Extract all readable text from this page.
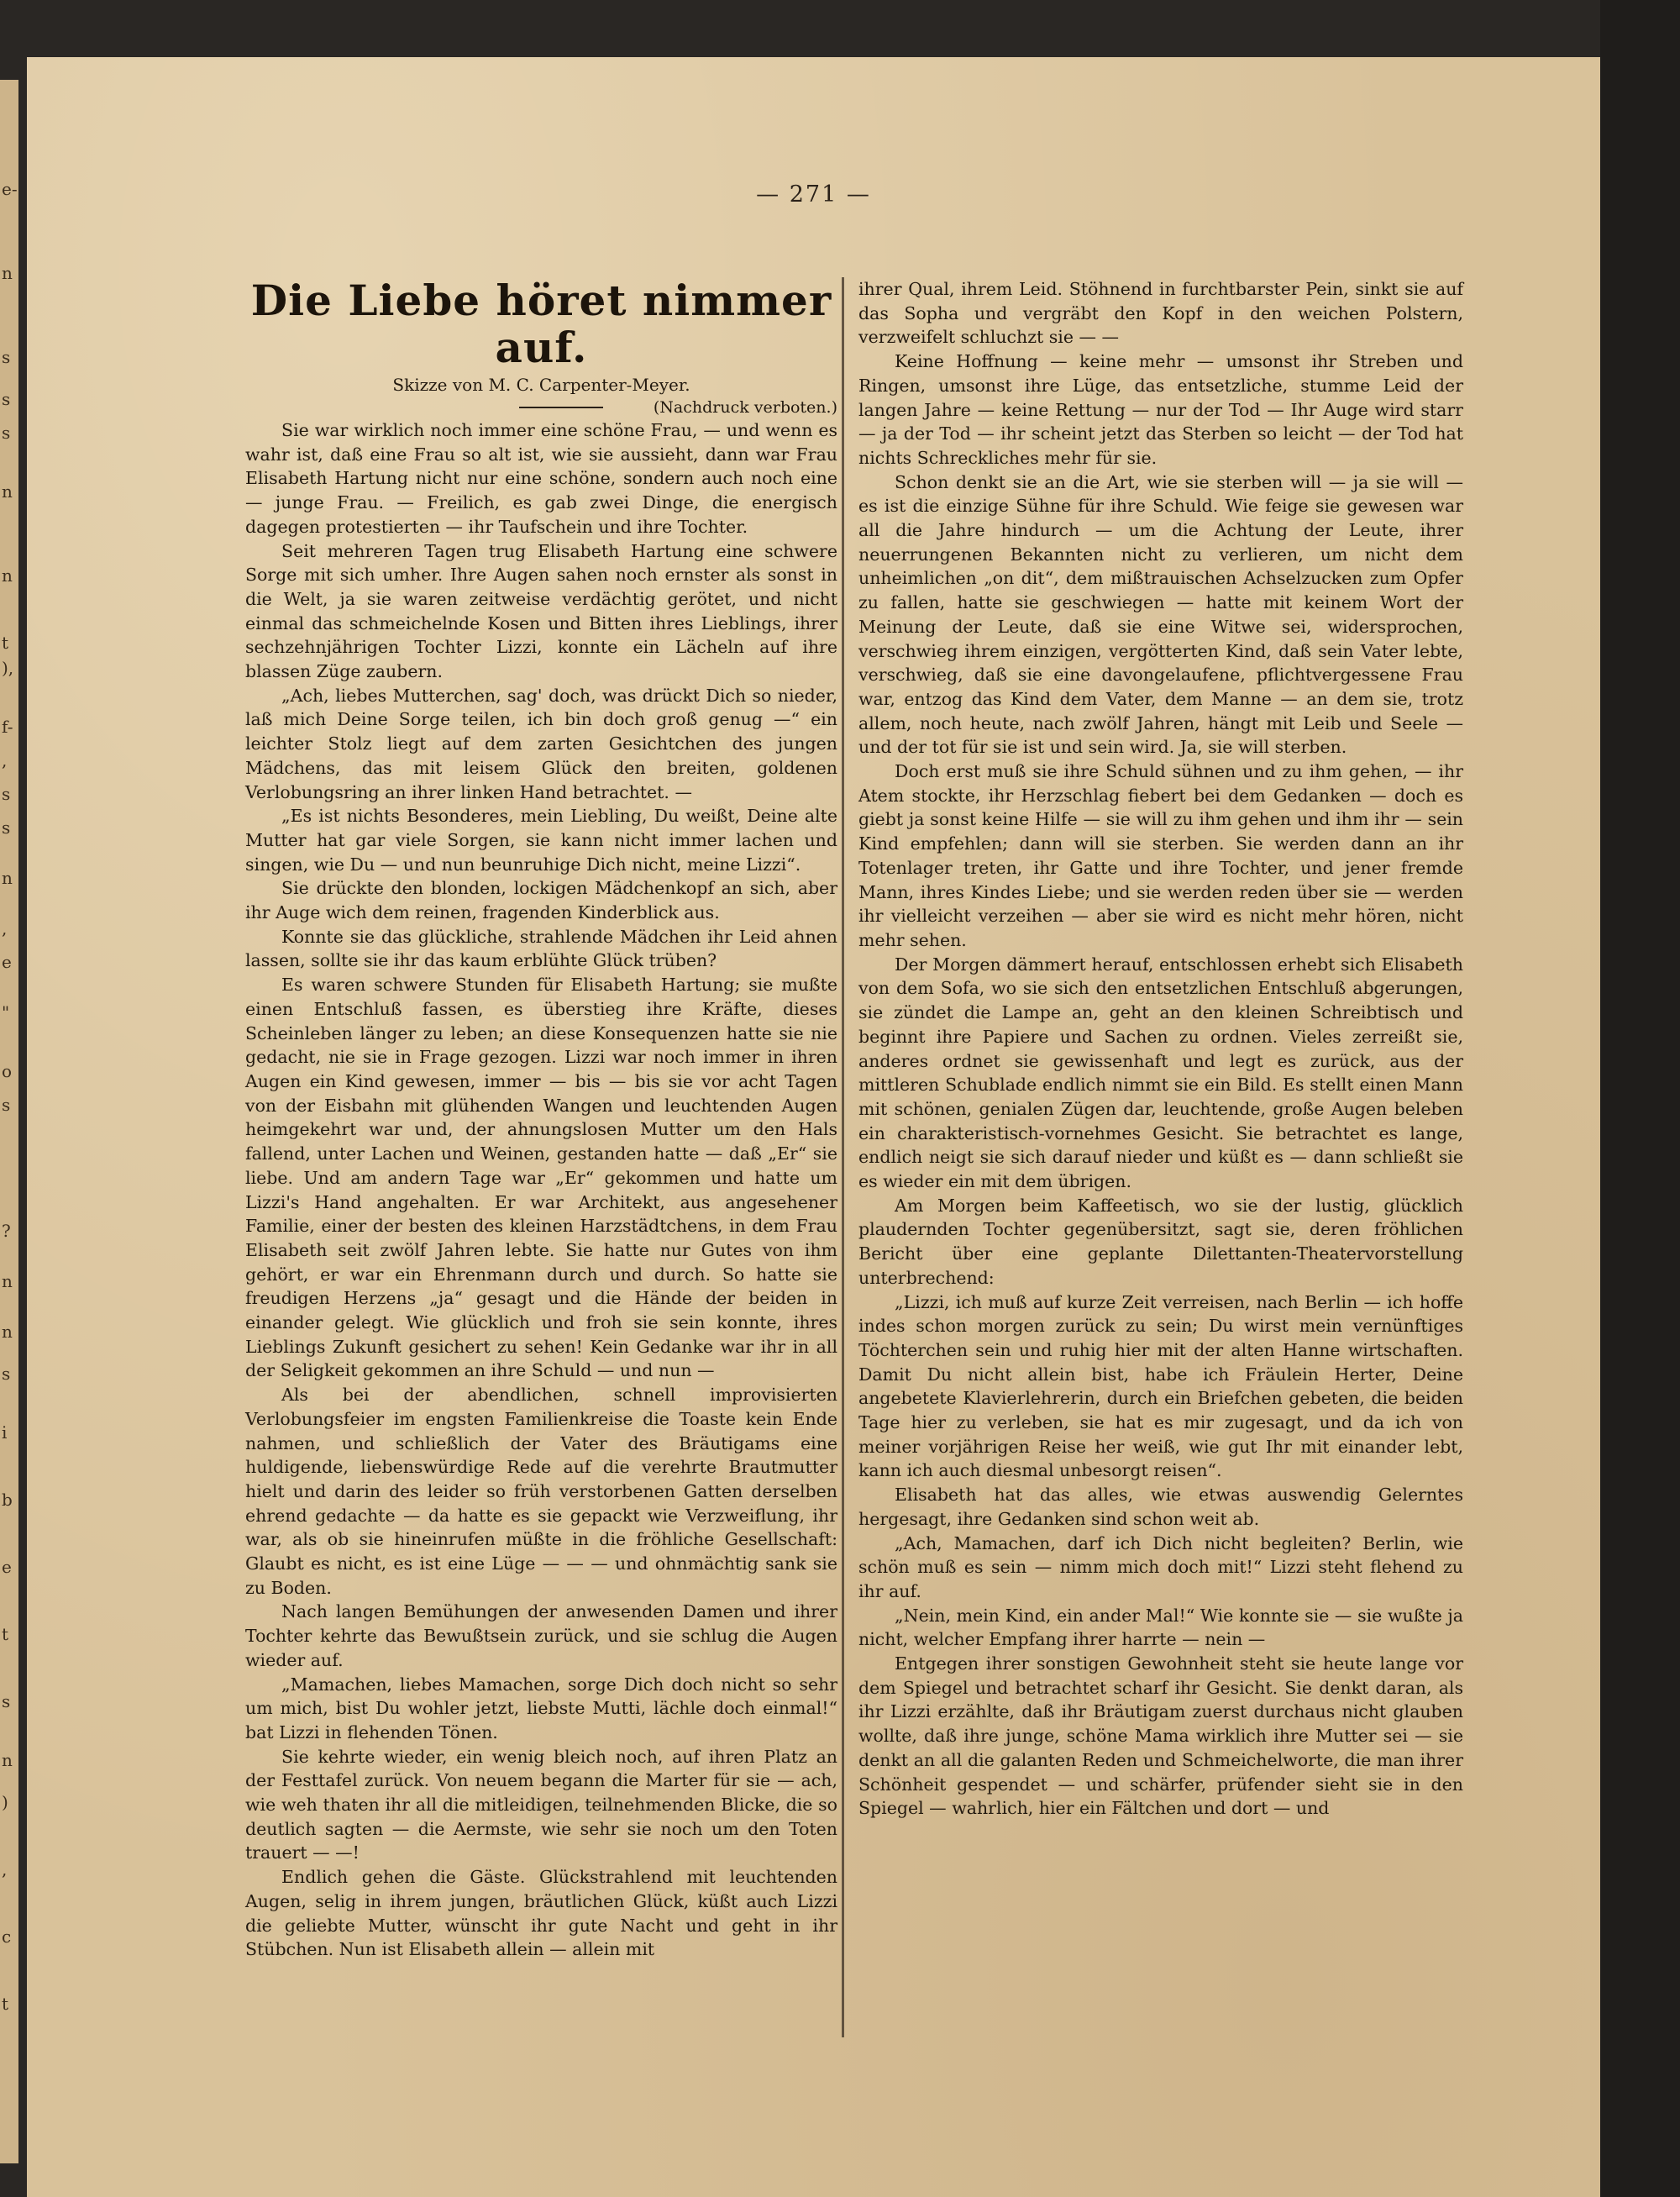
e-
n
s
s
s
n
n
t
),
f-
,
s
s
n
,
e
"
o
s
?
n
n
s
i
b
e
t
s
n
)
,
c
t
— 271 —
Die Liebe höret nimmer auf.

Skizze von M. C. Carpenter-Meyer.

(Nachdruck verboten.)

Sie war wirklich noch immer eine schöne Frau, — und wenn es wahr ist, daß eine Frau so alt ist, wie sie aussieht, dann war Frau Elisabeth Hartung nicht nur eine schöne, sondern auch noch eine — junge Frau. — Freilich, es gab zwei Dinge, die energisch dagegen protestierten — ihr Taufschein und ihre Tochter.

Seit mehreren Tagen trug Elisabeth Hartung eine schwere Sorge mit sich umher. Ihre Augen sahen noch ernster als sonst in die Welt, ja sie waren zeitweise verdächtig gerötet, und nicht einmal das schmeichelnde Kosen und Bitten ihres Lieblings, ihrer sechzehnjährigen Tochter Lizzi, konnte ein Lächeln auf ihre blassen Züge zaubern.

„Ach, liebes Mutterchen, sag' doch, was drückt Dich so nieder, laß mich Deine Sorge teilen, ich bin doch groß genug —“ ein leichter Stolz liegt auf dem zarten Gesichtchen des jungen Mädchens, das mit leisem Glück den breiten, goldenen Verlobungsring an ihrer linken Hand betrachtet. —

„Es ist nichts Besonderes, mein Liebling, Du weißt, Deine alte Mutter hat gar viele Sorgen, sie kann nicht immer lachen und singen, wie Du — und nun beunruhige Dich nicht, meine Lizzi“.

Sie drückte den blonden, lockigen Mädchenkopf an sich, aber ihr Auge wich dem reinen, fragenden Kinderblick aus.

Konnte sie das glückliche, strahlende Mädchen ihr Leid ahnen lassen, sollte sie ihr das kaum erblühte Glück trüben?

Es waren schwere Stunden für Elisabeth Hartung; sie mußte einen Entschluß fassen, es überstieg ihre Kräfte, dieses Scheinleben länger zu leben; an diese Konsequenzen hatte sie nie gedacht, nie sie in Frage gezogen. Lizzi war noch immer in ihren Augen ein Kind gewesen, immer — bis — bis sie vor acht Tagen von der Eisbahn mit glühenden Wangen und leuchtenden Augen heimgekehrt war und, der ahnungslosen Mutter um den Hals fallend, unter Lachen und Weinen, gestanden hatte — daß „Er“ sie liebe. Und am andern Tage war „Er“ gekommen und hatte um Lizzi's Hand angehalten. Er war Architekt, aus angesehener Familie, einer der besten des kleinen Harzstädtchens, in dem Frau Elisabeth seit zwölf Jahren lebte. Sie hatte nur Gutes von ihm gehört, er war ein Ehrenmann durch und durch. So hatte sie freudigen Herzens „ja“ gesagt und die Hände der beiden in einander gelegt. Wie glücklich und froh sie sein konnte, ihres Lieblings Zukunft gesichert zu sehen! Kein Gedanke war ihr in all der Seligkeit gekommen an ihre Schuld — und nun —

Als bei der abendlichen, schnell improvisierten Verlobungsfeier im engsten Familienkreise die Toaste kein Ende nahmen, und schließlich der Vater des Bräutigams eine huldigende, liebenswürdige Rede auf die verehrte Brautmutter hielt und darin des leider so früh verstorbenen Gatten derselben ehrend gedachte — da hatte es sie gepackt wie Verzweiflung, ihr war, als ob sie hineinrufen müßte in die fröhliche Gesellschaft: Glaubt es nicht, es ist eine Lüge — — — und ohnmächtig sank sie zu Boden.

Nach langen Bemühungen der anwesenden Damen und ihrer Tochter kehrte das Bewußtsein zurück, und sie schlug die Augen wieder auf.

„Mamachen, liebes Mamachen, sorge Dich doch nicht so sehr um mich, bist Du wohler jetzt, liebste Mutti, lächle doch einmal!“ bat Lizzi in flehenden Tönen.

Sie kehrte wieder, ein wenig bleich noch, auf ihren Platz an der Festtafel zurück. Von neuem begann die Marter für sie — ach, wie weh thaten ihr all die mitleidigen, teilnehmenden Blicke, die so deutlich sagten — die Aermste, wie sehr sie noch um den Toten trauert — —!

Endlich gehen die Gäste. Glückstrahlend mit leuchtenden Augen, selig in ihrem jungen, bräutlichen Glück, küßt auch Lizzi die geliebte Mutter, wünscht ihr gute Nacht und geht in ihr Stübchen. Nun ist Elisabeth allein — allein mit

ihrer Qual, ihrem Leid. Stöhnend in furchtbarster Pein, sinkt sie auf das Sopha und vergräbt den Kopf in den weichen Polstern, verzweifelt schluchzt sie — —

Keine Hoffnung — keine mehr — umsonst ihr Streben und Ringen, umsonst ihre Lüge, das entsetzliche, stumme Leid der langen Jahre — keine Rettung — nur der Tod — Ihr Auge wird starr — ja der Tod — ihr scheint jetzt das Sterben so leicht — der Tod hat nichts Schreckliches mehr für sie.

Schon denkt sie an die Art, wie sie sterben will — ja sie will — es ist die einzige Sühne für ihre Schuld. Wie feige sie gewesen war all die Jahre hindurch — um die Achtung der Leute, ihrer neuerrungenen Bekannten nicht zu verlieren, um nicht dem unheimlichen „on dit“, dem mißtrauischen Achselzucken zum Opfer zu fallen, hatte sie geschwiegen — hatte mit keinem Wort der Meinung der Leute, daß sie eine Witwe sei, widersprochen, verschwieg ihrem einzigen, vergötterten Kind, daß sein Vater lebte, verschwieg, daß sie eine davongelaufene, pflichtvergessene Frau war, entzog das Kind dem Vater, dem Manne — an dem sie, trotz allem, noch heute, nach zwölf Jahren, hängt mit Leib und Seele — und der tot für sie ist und sein wird. Ja, sie will sterben.

Doch erst muß sie ihre Schuld sühnen und zu ihm gehen, — ihr Atem stockte, ihr Herzschlag fiebert bei dem Gedanken — doch es giebt ja sonst keine Hilfe — sie will zu ihm gehen und ihm ihr — sein Kind empfehlen; dann will sie sterben. Sie werden dann an ihr Totenlager treten, ihr Gatte und ihre Tochter, und jener fremde Mann, ihres Kindes Liebe; und sie werden reden über sie — werden ihr vielleicht verzeihen — aber sie wird es nicht mehr hören, nicht mehr sehen.

Der Morgen dämmert herauf, entschlossen erhebt sich Elisabeth von dem Sofa, wo sie sich den entsetzlichen Entschluß abgerungen, sie zündet die Lampe an, geht an den kleinen Schreibtisch und beginnt ihre Papiere und Sachen zu ordnen. Vieles zerreißt sie, anderes ordnet sie gewissenhaft und legt es zurück, aus der mittleren Schublade endlich nimmt sie ein Bild. Es stellt einen Mann mit schönen, genialen Zügen dar, leuchtende, große Augen beleben ein charakteristisch-vornehmes Gesicht. Sie betrachtet es lange, endlich neigt sie sich darauf nieder und küßt es — dann schließt sie es wieder ein mit dem übrigen.

Am Morgen beim Kaffeetisch, wo sie der lustig, glücklich plaudernden Tochter gegenübersitzt, sagt sie, deren fröhlichen Bericht über eine geplante Dilettanten-Theatervorstellung unterbrechend:

„Lizzi, ich muß auf kurze Zeit verreisen, nach Berlin — ich hoffe indes schon morgen zurück zu sein; Du wirst mein vernünftiges Töchterchen sein und ruhig hier mit der alten Hanne wirtschaften. Damit Du nicht allein bist, habe ich Fräulein Herter, Deine angebetete Klavierlehrerin, durch ein Briefchen gebeten, die beiden Tage hier zu verleben, sie hat es mir zugesagt, und da ich von meiner vorjährigen Reise her weiß, wie gut Ihr mit einander lebt, kann ich auch diesmal unbesorgt reisen“.

Elisabeth hat das alles, wie etwas auswendig Gelerntes hergesagt, ihre Gedanken sind schon weit ab.

„Ach, Mamachen, darf ich Dich nicht begleiten? Berlin, wie schön muß es sein — nimm mich doch mit!“ Lizzi steht flehend zu ihr auf.

„Nein, mein Kind, ein ander Mal!“ Wie konnte sie — sie wußte ja nicht, welcher Empfang ihrer harrte — nein —

Entgegen ihrer sonstigen Gewohnheit steht sie heute lange vor dem Spiegel und betrachtet scharf ihr Gesicht. Sie denkt daran, als ihr Lizzi erzählte, daß ihr Bräutigam zuerst durchaus nicht glauben wollte, daß ihre junge, schöne Mama wirklich ihre Mutter sei — sie denkt an all die galanten Reden und Schmeichelworte, die man ihrer Schönheit gespendet — und schärfer, prüfender sieht sie in den Spiegel — wahrlich, hier ein Fältchen und dort — und
